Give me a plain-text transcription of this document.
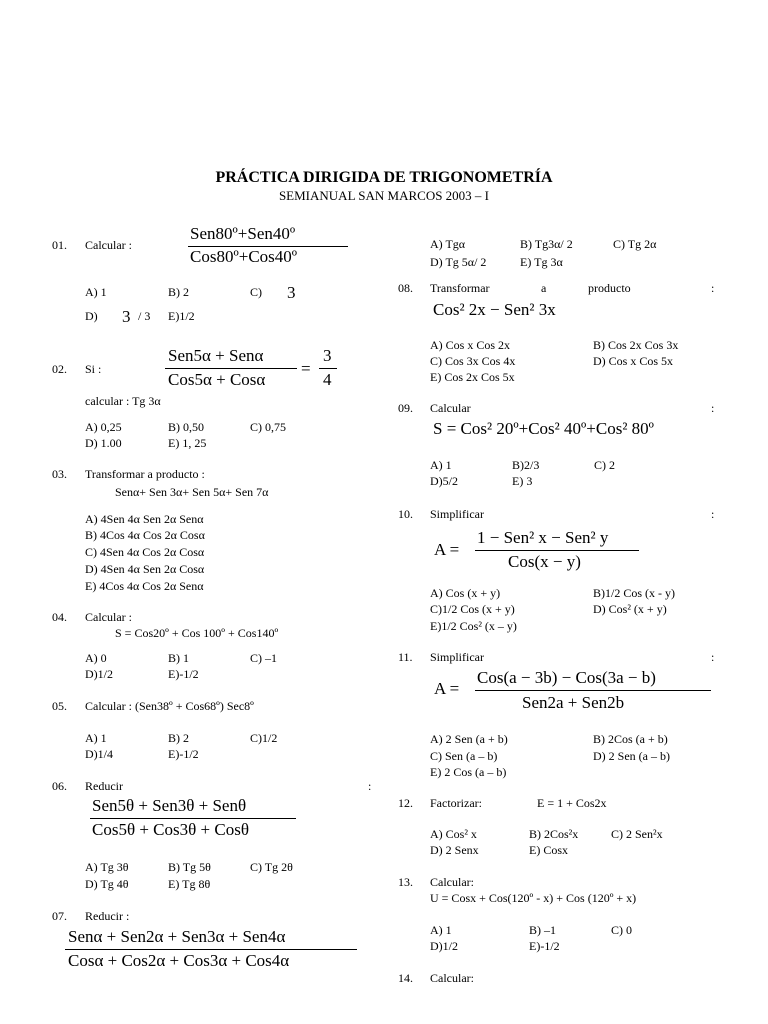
PRÁCTICA DIRIGIDA DE TRIGONOMETRÍA
SEMIANUAL SAN MARCOS 2003 – I
01. Calcular :
Sen80º+Sen40º
Cos80º+Cos40º
A) 1	B) 2	C) 3
D) 3 / 3 E)1/2
02. Si :
Sen5α + Senα
Cos5α + Cosα
=
3
4
calcular : Tg 3α
A) 0,25	B) 0,50	C) 0,75
D) 1.00	E) 1, 25
03. Transformar a producto :
Senα+ Sen 3α+ Sen 5α+ Sen 7α
A) 4Sen 4α Sen 2α Senα
B) 4Cos 4α Cos 2α Cosα
C) 4Sen 4α Cos 2α Cosα
D) 4Sen 4α Sen 2α Cosα
E) 4Cos 4α Cos 2α Senα
04. Calcular :
S = Cos20º + Cos 100º + Cos140º
A) 0	B) 1	C) –1
D)1/2	E)-1/2
05. Calcular : (Sen38º + Cos68º) Sec8º
A) 1	B) 2	C)1/2
D)1/4	E)-1/2
06. Reducir	:
Sen5θ + Sen3θ + Senθ
Cos5θ + Cos3θ + Cosθ
A) Tg 3θ	B) Tg 5θ	C) Tg 2θ
D) Tg 4θ	E) Tg 8θ
07. Reducir :
Senα + Sen2α + Sen3α + Sen4α
Cosα + Cos2α + Cos3α + Cos4α
A) Tgα	B) Tg3α/ 2	C) Tg 2α
D) Tg 5α/ 2	E) Tg 3α
08. Transformar	a	producto	:
Cos² 2x − Sen² 3x
A) Cos x Cos 2x	B) Cos 2x Cos 3x
C) Cos 3x Cos 4x	D) Cos x Cos 5x
E) Cos 2x Cos 5x
09. Calcular	:
S = Cos² 20º+Cos² 40º+Cos² 80º
A) 1	B)2/3	C) 2
D)5/2	E) 3
10. Simplificar	:
A =
1 − Sen² x − Sen² y
Cos(x − y)
A) Cos (x + y)	B)1/2 Cos (x - y)
C)1/2 Cos (x + y)	D) Cos² (x + y)
E)1/2 Cos² (x – y)
11. Simplificar	:
A =
Cos(a − 3b) − Cos(3a − b)
Sen2a + Sen2b
A) 2 Sen (a + b)	B) 2Cos (a + b)
C) Sen (a – b)	D) 2 Sen (a – b)
E) 2 Cos (a – b)
12. Factorizar:	E = 1 + Cos2x
A) Cos² x	B) 2Cos²x	C) 2 Sen²x
D) 2 Senx	E) Cosx
13. Calcular:
U = Cosx + Cos(120º - x) + Cos (120º + x)
A) 1	B) –1	C) 0
D)1/2	E)-1/2
14. Calcular:
